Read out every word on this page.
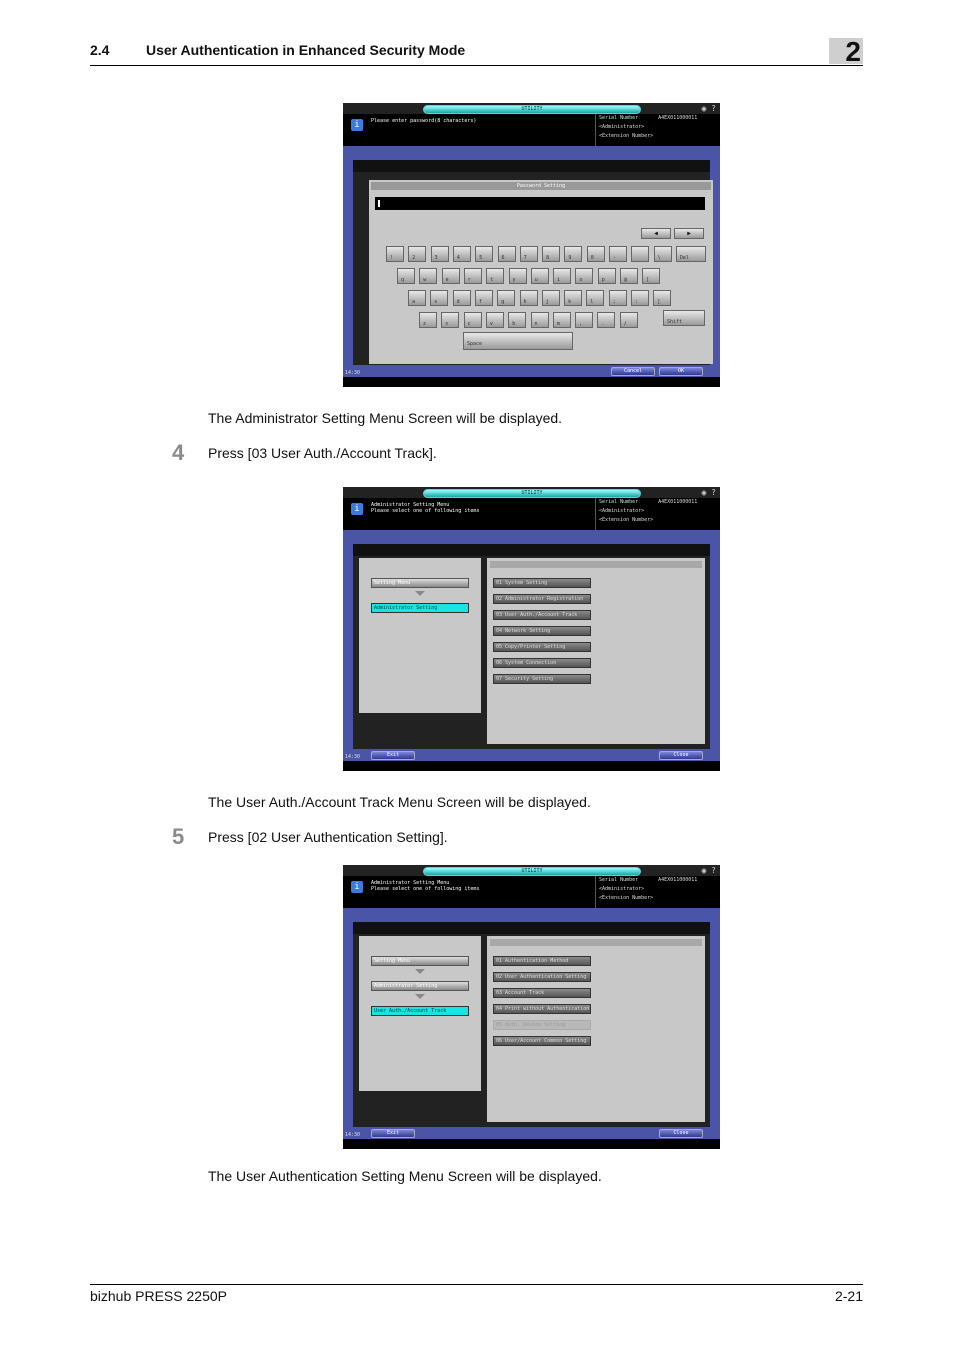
2.4	User Authentication in Enhanced Security Mode	2
UTILITY	◉ ?
i	Please enter password(8 characters)	Serial Number	A4EX011000011
<Administrator>
<Extension Number>
Password Setting
◀	▶
!	2	3	4	5	6	7	8	9	0	-	\	Del
q	w	e	r	t	y	u	i	o	p	@	[
a	s	d	f	g	h	j	k	l	;	:	]
z	x	c	v	b	n	m	,	.	/	Shift
Space
Cancel	OK
14:30
The Administrator Setting Menu Screen will be displayed.
4 Press [03 User Auth./Account Track].
UTILITY	◉ ?
i	Administrator Setting Menu
Please select one of following items
Serial Number	A4EX011000011
<Administrator>
<Extension Number>
Setting Menu
Administrator Setting
01 System Setting
02 Administrator Registration
03 User Auth./Account Track
04 Network Setting
05 Copy/Printer Setting
06 System Connection
07 Security Setting
Exit	Close
14:30
The User Auth./Account Track Menu Screen will be displayed.
5 Press [02 User Authentication Setting].
UTILITY	◉ ?
i	Administrator Setting Menu
Please select one of following items
Serial Number	A4EX011000011
<Administrator>
<Extension Number>
Setting Menu
Administrator Setting
User Auth./Account Track
01 Authentication Method
02 User Authentication Setting
03 Account Track
04 Print without Authentication
05 Auth. Device Setting
06 User/Account Common Setting
Exit	Close
14:30
The User Authentication Setting Menu Screen will be displayed.
bizhub PRESS 2250P	2-21
